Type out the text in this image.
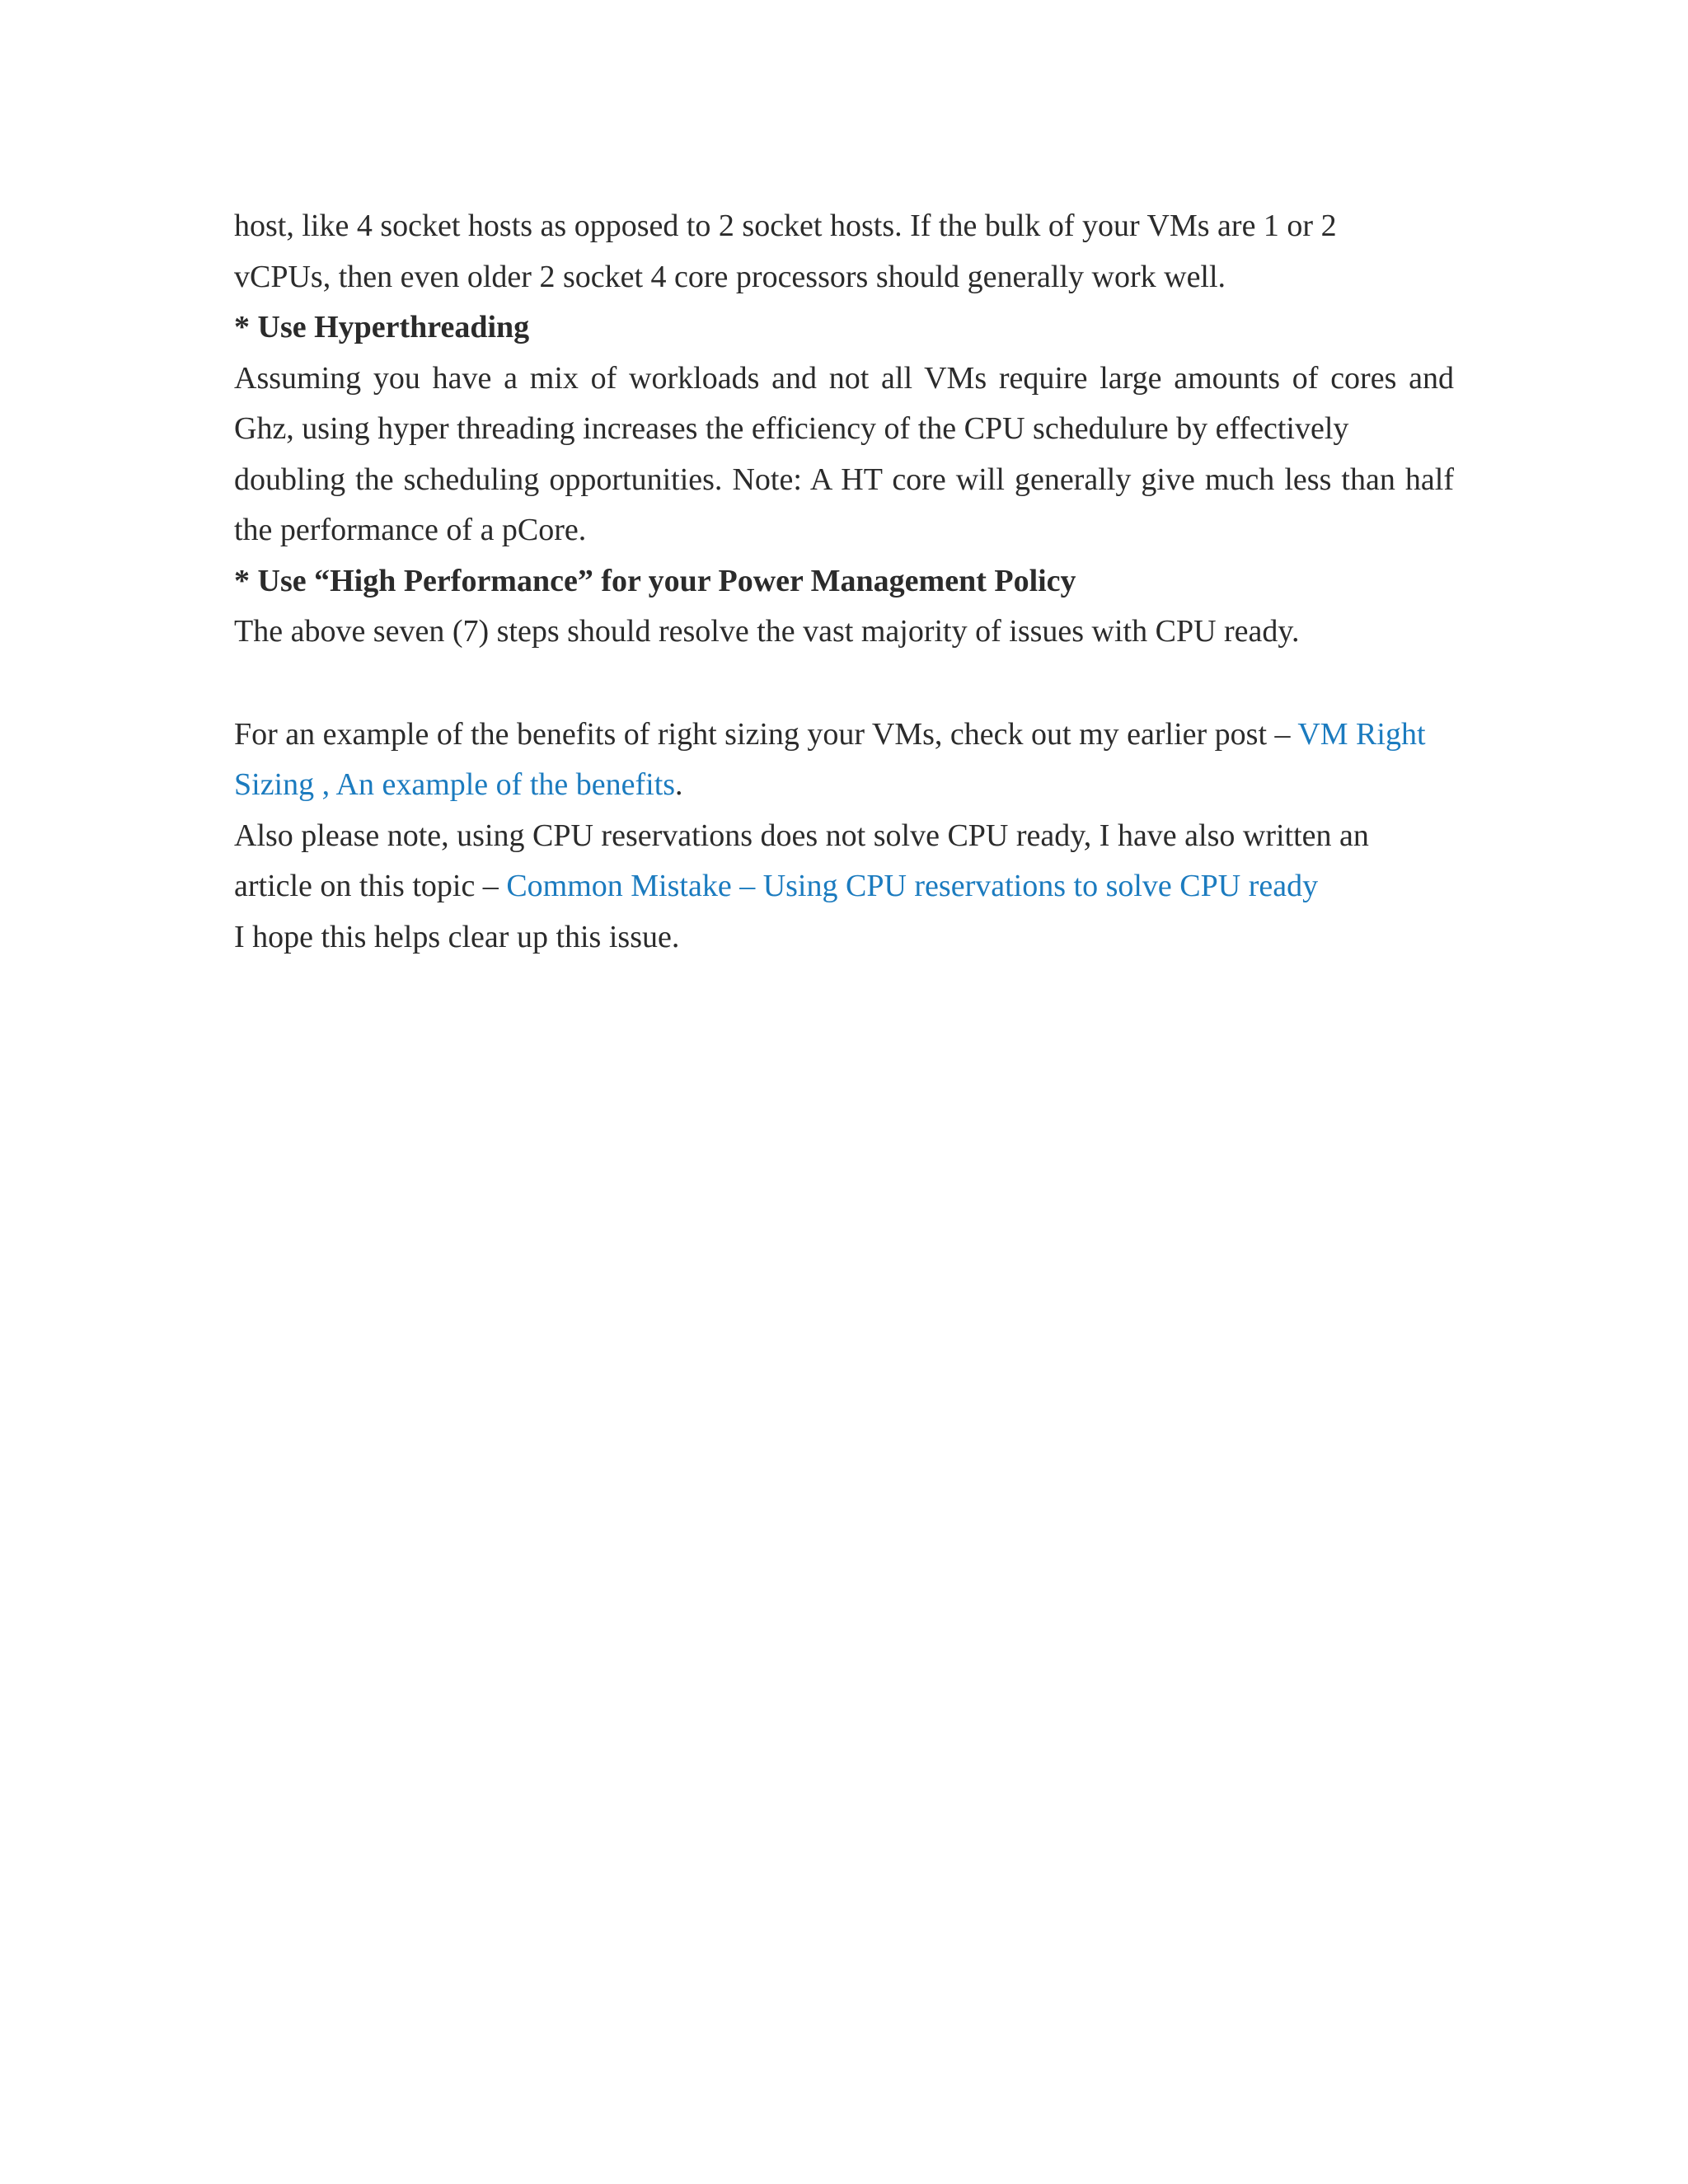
host, like 4 socket hosts as opposed to 2 socket hosts. If the bulk of your VMs are 1 or 2
vCPUs, then even older 2 socket 4 core processors should generally work well.
* Use Hyperthreading
Assuming you have a mix of workloads and not all VMs require large amounts of cores and
Ghz, using hyper threading increases the efficiency of the CPU schedulure by effectively
doubling the scheduling opportunities. Note: A HT core will generally give much less than half
the performance of a pCore.
* Use “High Performance” for your Power Management Policy
The above seven (7) steps should resolve the vast majority of issues with CPU ready.
For an example of the benefits of right sizing your VMs, check out my earlier post – VM Right
Sizing , An example of the benefits.
Also please note, using CPU reservations does not solve CPU ready, I have also written an
article on this topic – Common Mistake – Using CPU reservations to solve CPU ready
I hope this helps clear up this issue.
